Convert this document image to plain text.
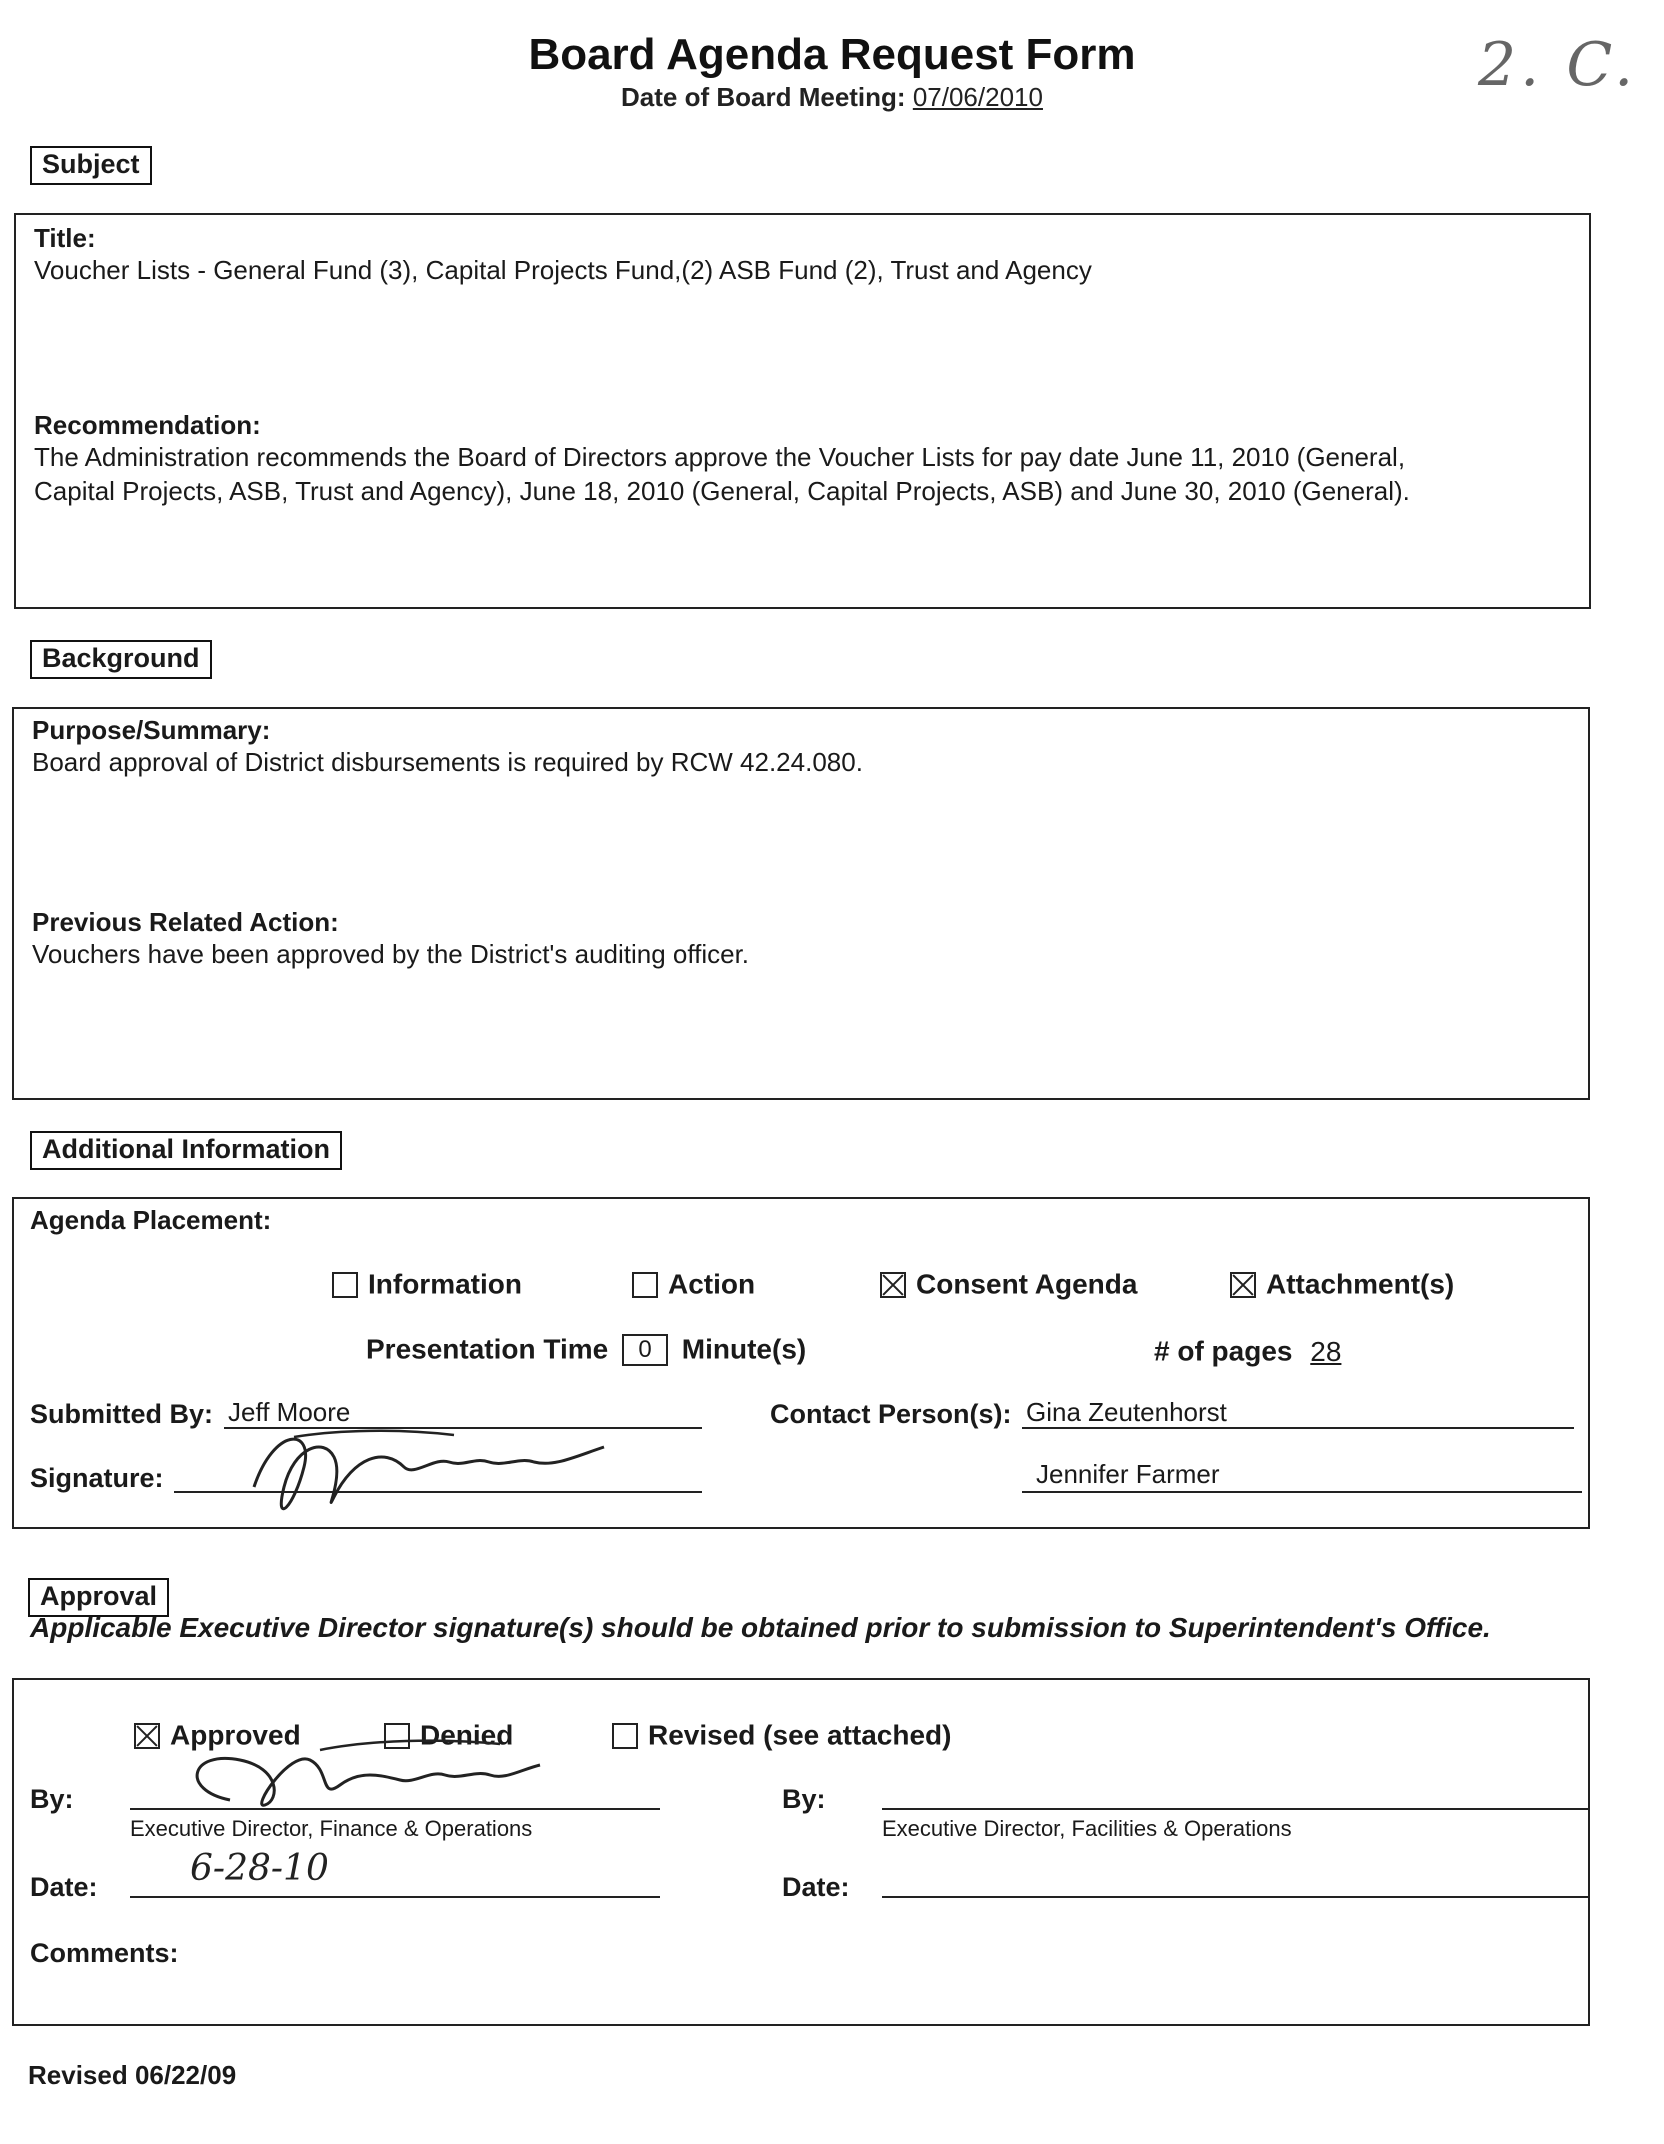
Board Agenda Request Form
Date of Board Meeting: 07/06/2010	2. C.
Subject
Title:
Voucher Lists - General Fund (3), Capital Projects Fund,(2) ASB Fund (2), Trust and Agency
Recommendation:
The Administration recommends the Board of Directors approve the Voucher Lists for pay date June 11, 2010 (General,
Capital Projects, ASB, Trust and Agency), June 18, 2010 (General, Capital Projects, ASB) and June 30, 2010 (General).
Background
Purpose/Summary:
Board approval of District disbursements is required by RCW 42.24.080.
Previous Related Action:
Vouchers have been approved by the District's auditing officer.
Additional Information
Agenda Placement:
Information	Action	Consent Agenda	Attachment(s)
Presentation Time 0 Minute(s)	# of pages 28
Submitted By: Jeff Moore	Contact Person(s): Gina Zeutenhorst
Signature:	Jennifer Farmer
Approval
Applicable Executive Director signature(s) should be obtained prior to submission to Superintendent's Office.
Approved	Denied	Revised (see attached)
By:
Executive Director, Finance & Operations
By:
Executive Director, Facilities & Operations
Date:	6-28-10	Date:
Comments:
Revised 06/22/09
